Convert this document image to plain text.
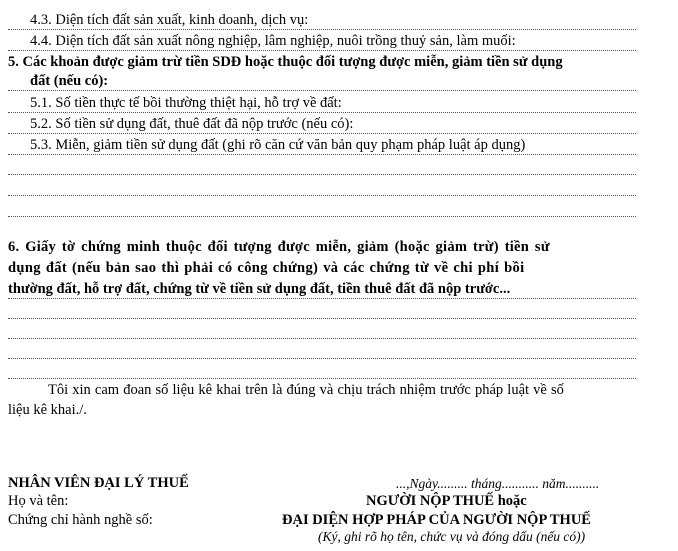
4.3. Diện tích đất sản xuất, kinh doanh, dịch vụ:
4.4. Diện tích đất sản xuất nông nghiệp, lâm nghiệp, nuôi trồng thuỷ sản, làm muối:
5. Các khoản được giảm trừ tiền SDĐ hoặc thuộc đối tượng được miễn, giảm tiền sử dụng
đất (nếu có):
5.1. Số tiền thực tế bồi thường thiệt hại, hỗ trợ về đất:
5.2. Số tiền sử dụng đất, thuê đất đã nộp trước (nếu có):
5.3. Miễn, giảm tiền sử dụng đất (ghi rõ căn cứ văn bản quy phạm pháp luật áp dụng)
6. Giấy tờ chứng minh thuộc đối tượng được miễn, giảm (hoặc giảm trừ) tiền sử
dụng đất (nếu bản sao thì phải có công chứng) và các chứng từ về chi phí bồi
thường đất, hỗ trợ đất, chứng từ về tiền sử dụng đất, tiền thuê đất đã nộp trước...
Tôi xin cam đoan số liệu kê khai trên là đúng và chịu trách nhiệm trước pháp luật về số
liệu kê khai./.
NHÂN VIÊN ĐẠI LÝ THUẾ
Họ và tên:
Chứng chỉ hành nghề số:
...,Ngày......... tháng........... năm..........
NGƯỜI NỘP THUẾ hoặc
ĐẠI DIỆN HỢP PHÁP CỦA NGƯỜI NỘP THUẾ
(Ký, ghi rõ họ tên, chức vụ và đóng dấu (nếu có))
